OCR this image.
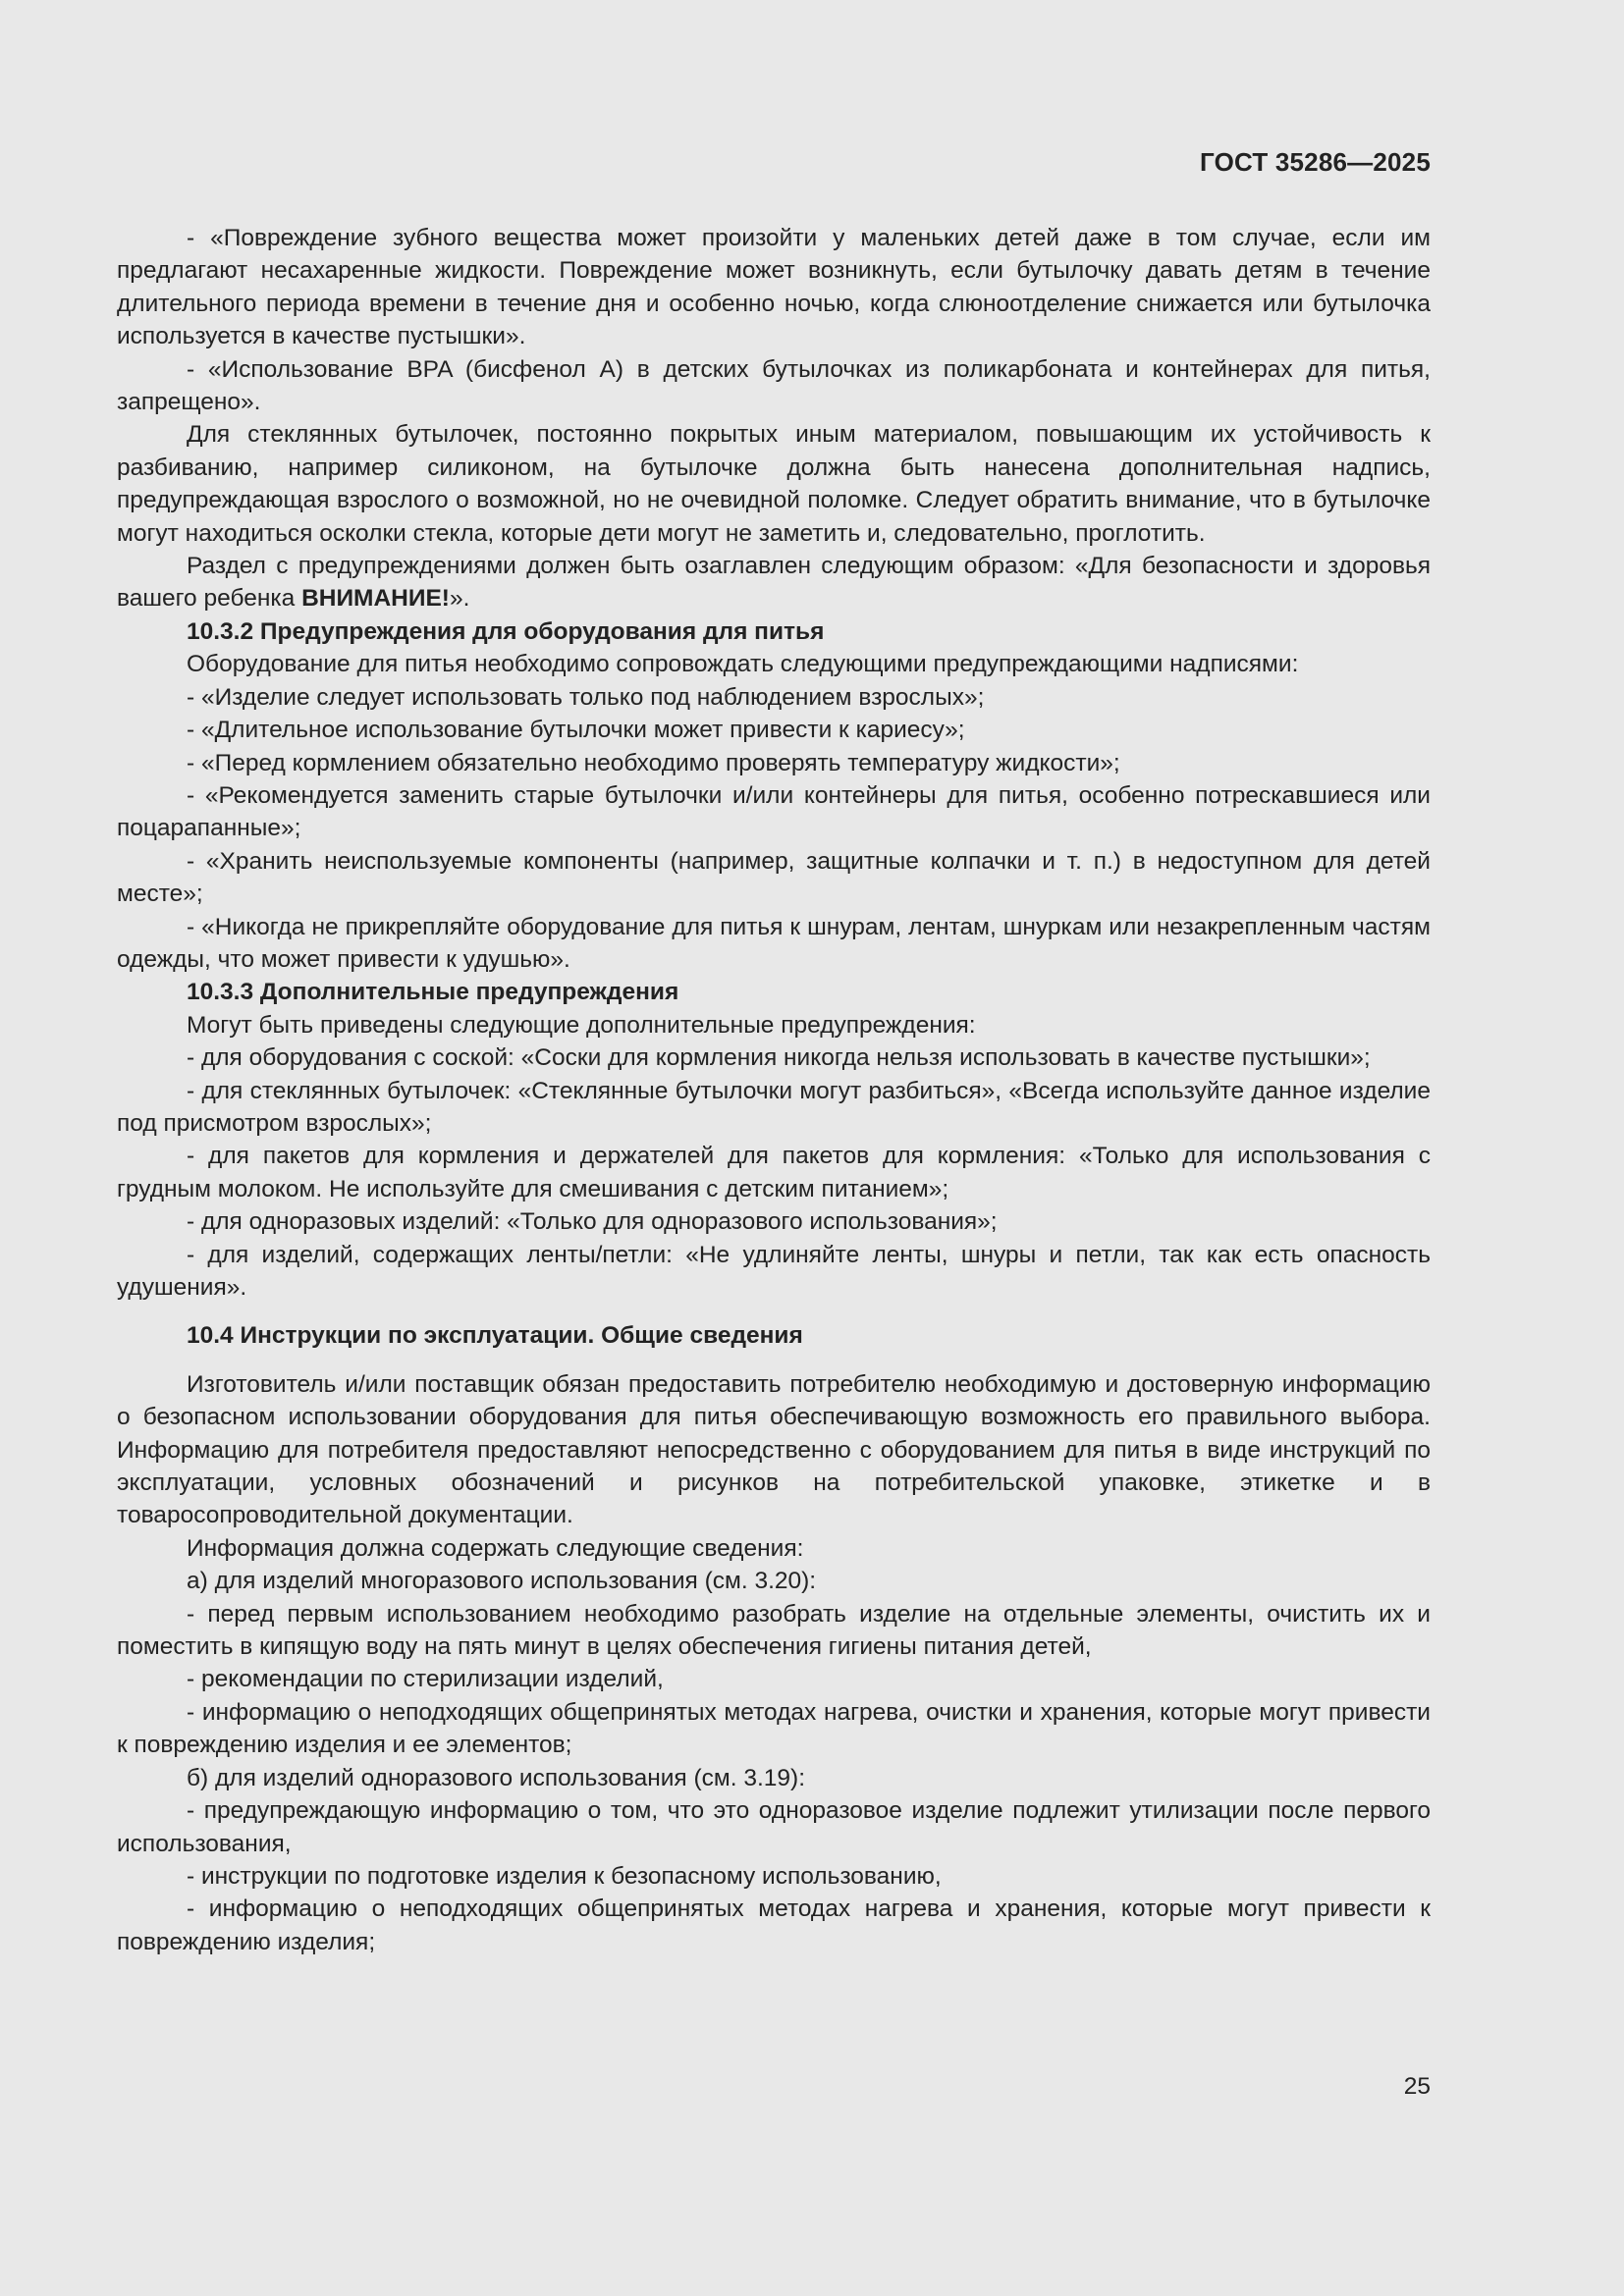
ГОСТ 35286—2025

- «Повреждение зубного вещества может произойти у маленьких детей даже в том случае, если им предлагают несахаренные жидкости. Повреждение может возникнуть, если бутылочку давать детям в течение длительного периода времени в течение дня и особенно ночью, когда слюноотделение снижается или бутылочка используется в качестве пустышки».

- «Использование BPA (бисфенол А) в детских бутылочках из поликарбоната и контейнерах для питья, запрещено».

Для стеклянных бутылочек, постоянно покрытых иным материалом, повышающим их устойчивость к разбиванию, например силиконом, на бутылочке должна быть нанесена дополнительная надпись, предупреждающая взрослого о возможной, но не очевидной поломке. Следует обратить внимание, что в бутылочке могут находиться осколки стекла, которые дети могут не заметить и, следовательно, проглотить.

Раздел с предупреждениями должен быть озаглавлен следующим образом: «Для безопасности и здоровья вашего ребенка ВНИМАНИЕ!».

10.3.2 Предупреждения для оборудования для питья

Оборудование для питья необходимо сопровождать следующими предупреждающими надписями:

- «Изделие следует использовать только под наблюдением взрослых»;

- «Длительное использование бутылочки может привести к кариесу»;

- «Перед кормлением обязательно необходимо проверять температуру жидкости»;

- «Рекомендуется заменить старые бутылочки и/или контейнеры для питья, особенно потрескавшиеся или поцарапанные»;

- «Хранить неиспользуемые компоненты (например, защитные колпачки и т. п.) в недоступном для детей месте»;

- «Никогда не прикрепляйте оборудование для питья к шнурам, лентам, шнуркам или незакрепленным частям одежды, что может привести к удушью».

10.3.3 Дополнительные предупреждения

Могут быть приведены следующие дополнительные предупреждения:

- для оборудования с соской: «Соски для кормления никогда нельзя использовать в качестве пустышки»;

- для стеклянных бутылочек: «Стеклянные бутылочки могут разбиться», «Всегда используйте данное изделие под присмотром взрослых»;

- для пакетов для кормления и держателей для пакетов для кормления: «Только для использования с грудным молоком. Не используйте для смешивания с детским питанием»;

- для одноразовых изделий: «Только для одноразового использования»;

- для изделий, содержащих ленты/петли: «Не удлиняйте ленты, шнуры и петли, так как есть опасность удушения».

10.4 Инструкции по эксплуатации. Общие сведения

Изготовитель и/или поставщик обязан предоставить потребителю необходимую и достоверную информацию о безопасном использовании оборудования для питья обеспечивающую возможность его правильного выбора. Информацию для потребителя предоставляют непосредственно с оборудованием для питья в виде инструкций по эксплуатации, условных обозначений и рисунков на потребительской упаковке, этикетке и в товаросопроводительной документации.

Информация должна содержать следующие сведения:

а) для изделий многоразового использования (см. 3.20):

- перед первым использованием необходимо разобрать изделие на отдельные элементы, очистить их и поместить в кипящую воду на пять минут в целях обеспечения гигиены питания детей,

- рекомендации по стерилизации изделий,

- информацию о неподходящих общепринятых методах нагрева, очистки и хранения, которые могут привести к повреждению изделия и ее элементов;

б) для изделий одноразового использования (см. 3.19):

- предупреждающую информацию о том, что это одноразовое изделие подлежит утилизации после первого использования,

- инструкции по подготовке изделия к безопасному использованию,

- информацию о неподходящих общепринятых методах нагрева и хранения, которые могут привести к повреждению изделия;

25
